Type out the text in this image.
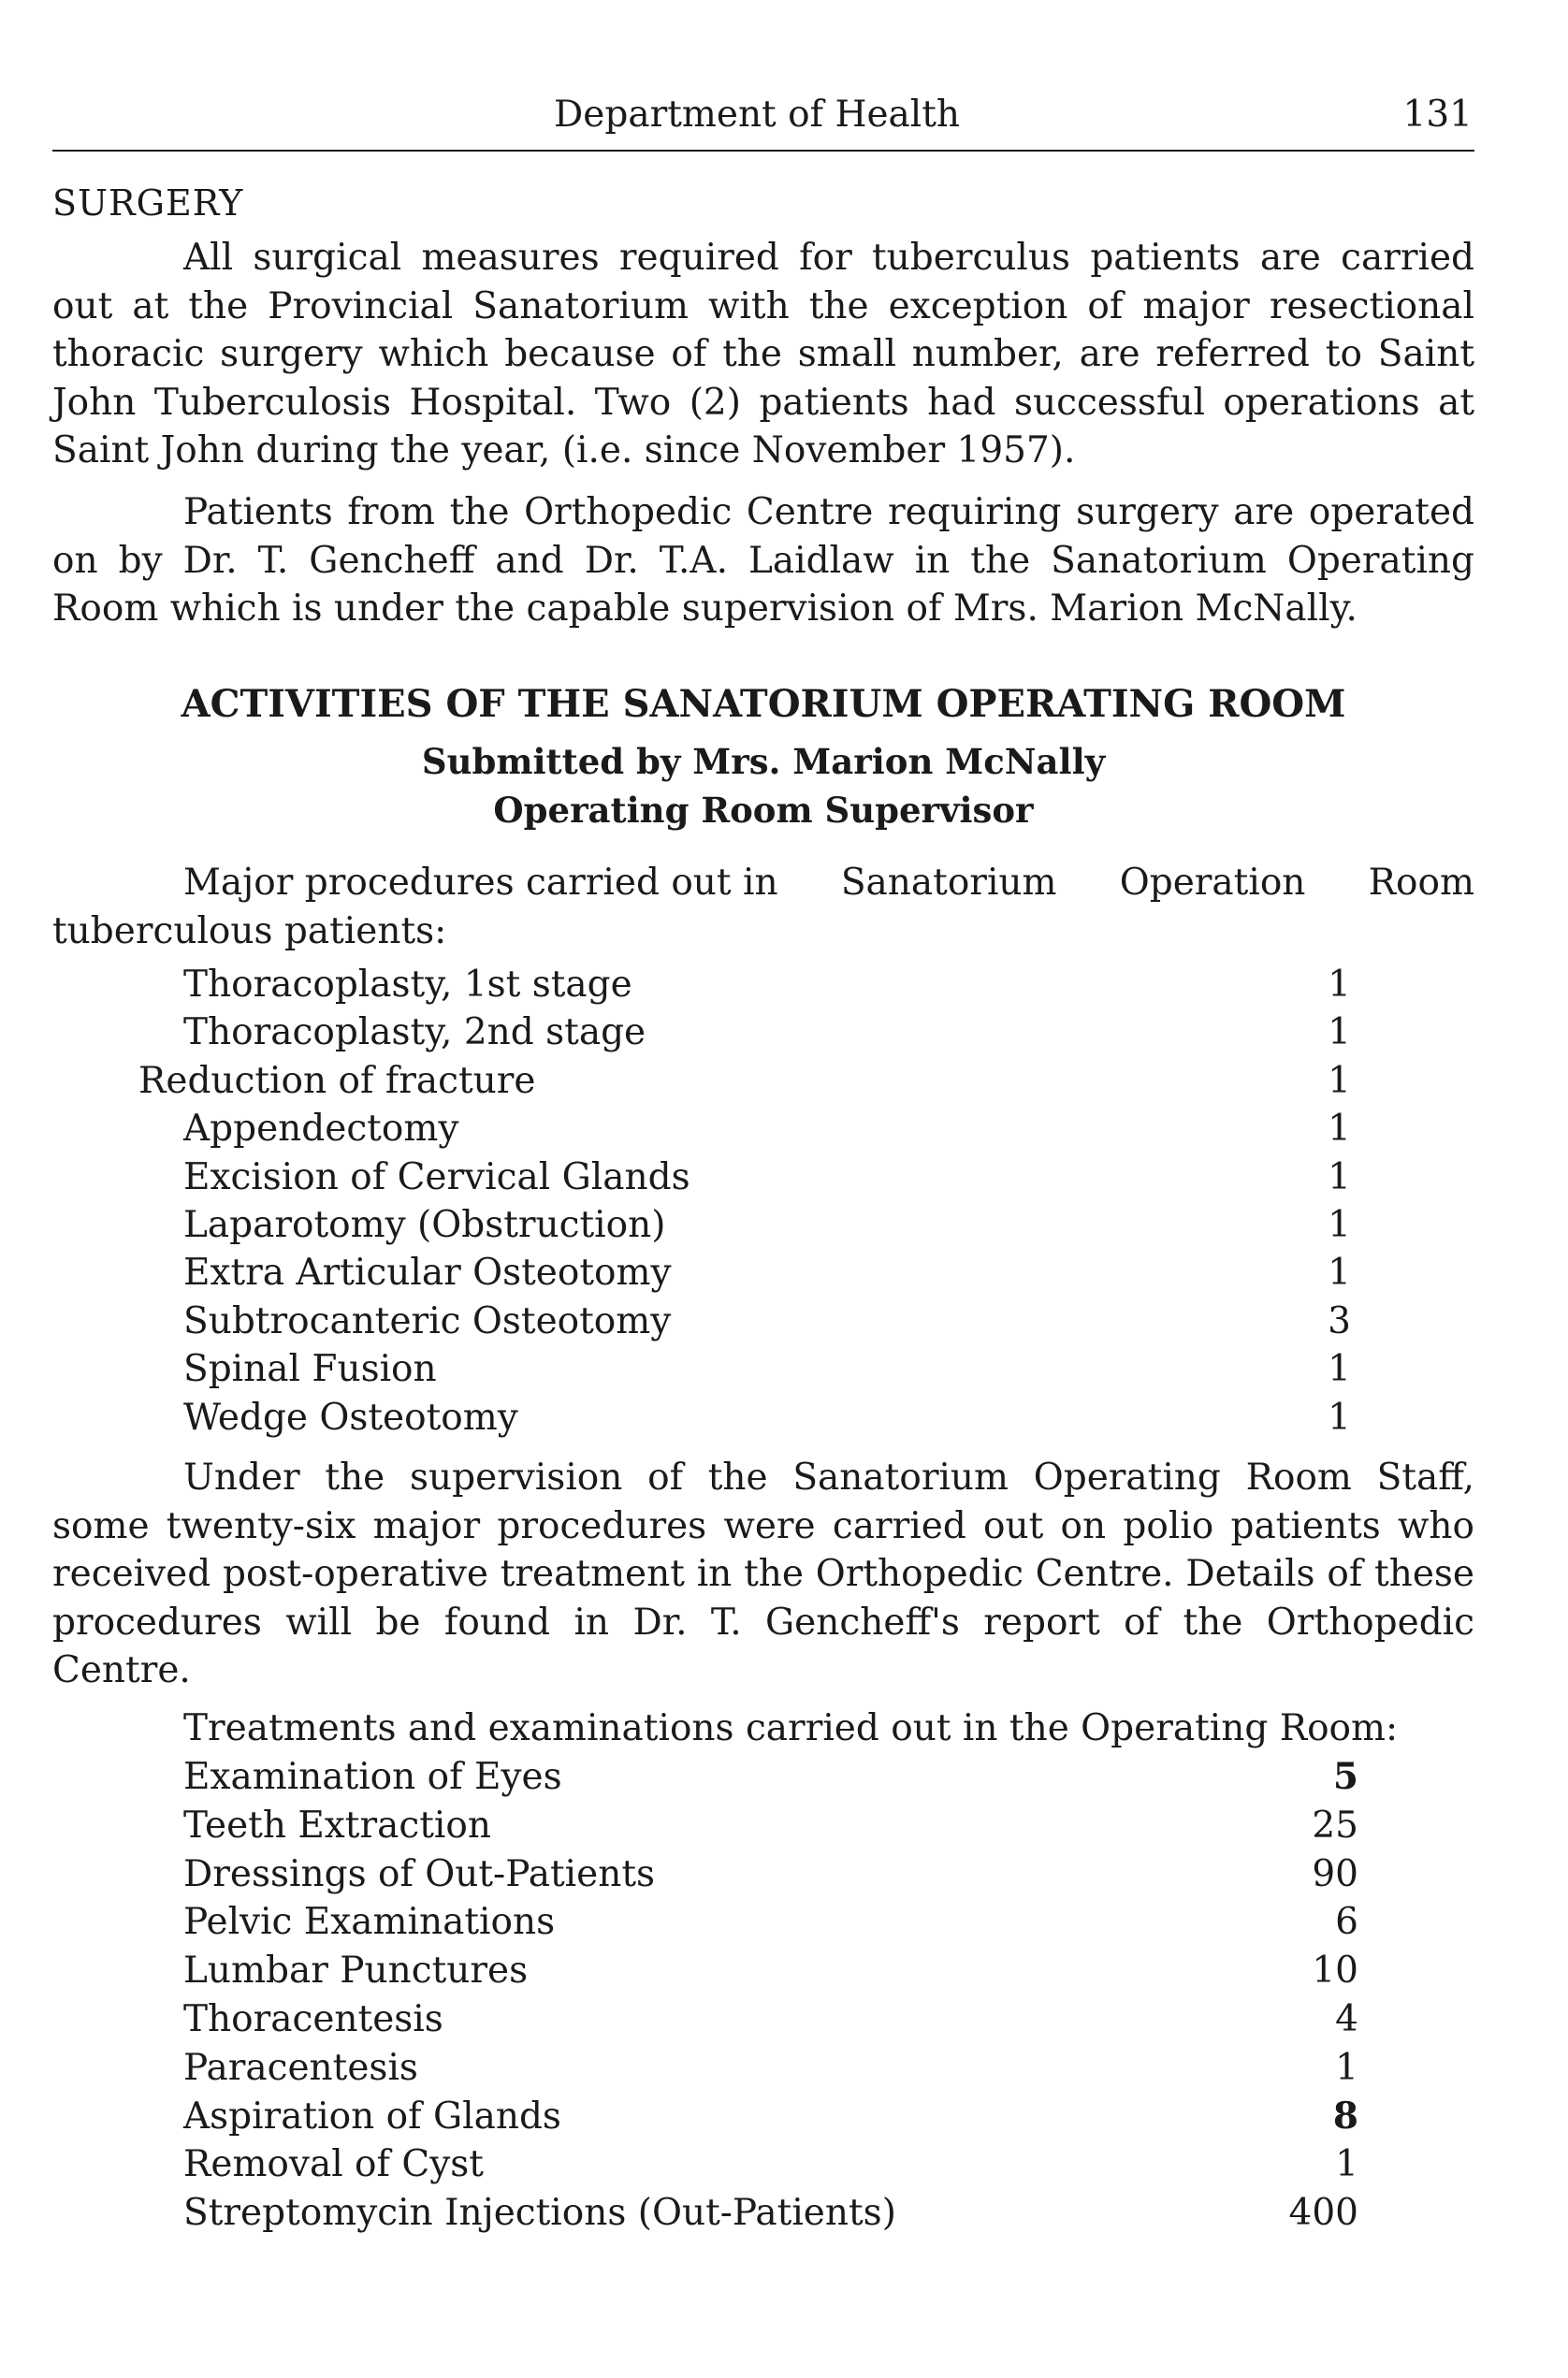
Department of Health	131
SURGERY

All surgical measures required for tuberculus patients are carried out at the Provincial Sanatorium with the exception of major resectional thoracic surgery which because of the small number, are referred to Saint John Tuberculosis Hospital. Two (2) patients had successful operations at Saint John during the year, (i.e. since November 1957).

Patients from the Orthopedic Centre requiring surgery are operated on by Dr. T. Gencheff and Dr. T.A. Laidlaw in the Sanatorium Operating Room which is under the capable supervision of Mrs. Marion McNally.

ACTIVITIES OF THE SANATORIUM OPERATING ROOM
Submitted by Mrs. Marion McNally
Operating Room Supervisor
Major procedures carried out in Sanatorium Operation Room
tuberculous patients:
Thoracoplasty, 1st stage	1
Thoracoplasty, 2nd stage	1
Reduction of fracture	1
Appendectomy	1
Excision of Cervical Glands	1
Laparotomy (Obstruction)	1
Extra Articular Osteotomy	1
Subtrocanteric Osteotomy	3
Spinal Fusion	1
Wedge Osteotomy	1

Under the supervision of the Sanatorium Operating Room Staff, some twenty-six major procedures were carried out on polio patients who received post-operative treatment in the Orthopedic Centre. Details of these procedures will be found in Dr. T. Gencheff's report of the Orthopedic Centre.

Treatments and examinations carried out in the Operating Room:
Examination of Eyes	5
Teeth Extraction	25
Dressings of Out-Patients	90
Pelvic Examinations	6
Lumbar Punctures	10
Thoracentesis	4
Paracentesis	1
Aspiration of Glands	8
Removal of Cyst	1
Streptomycin Injections (Out-Patients)	400
